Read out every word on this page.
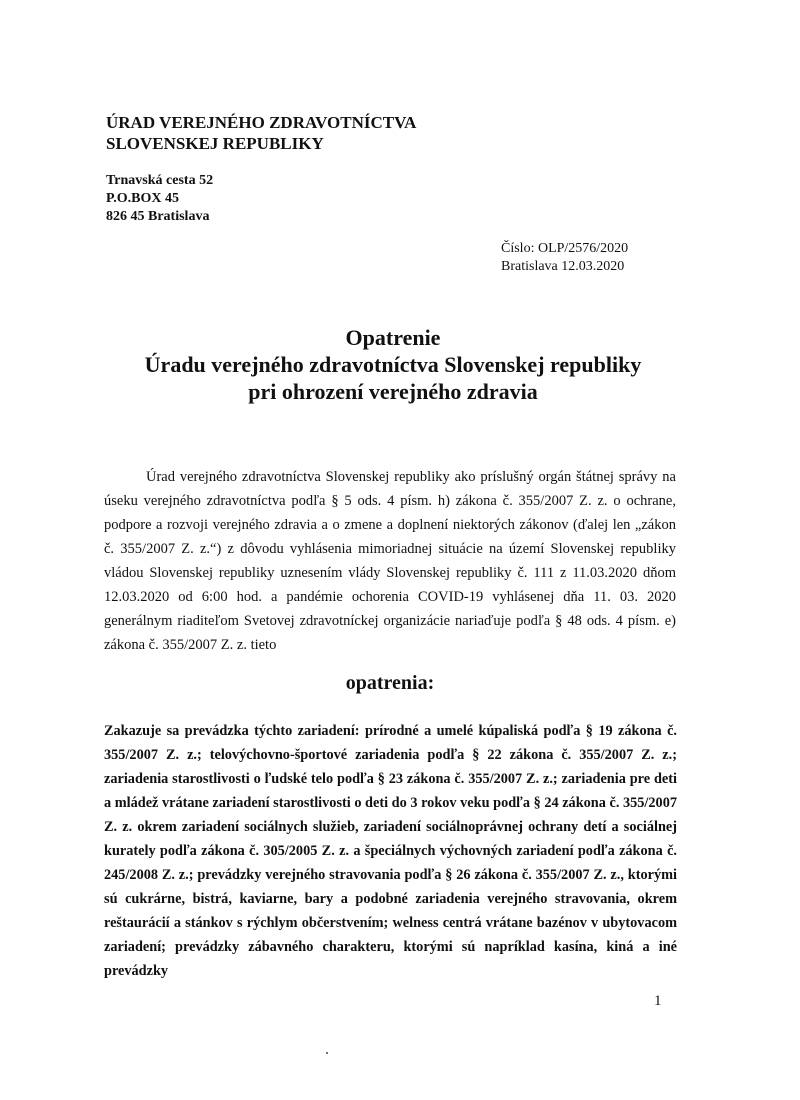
ÚRAD VEREJNÉHO ZDRAVOTNÍCTVA
SLOVENSKEJ REPUBLIKY
Trnavská cesta 52
P.O.BOX 45
826 45 Bratislava
Číslo: OLP/2576/2020
Bratislava 12.03.2020
Opatrenie
Úradu verejného zdravotníctva Slovenskej republiky
pri ohrození verejného zdravia

Úrad verejného zdravotníctva Slovenskej republiky ako príslušný orgán štátnej správy na úseku verejného zdravotníctva podľa § 5 ods. 4 písm. h) zákona č. 355/2007 Z. z. o ochrane, podpore a rozvoji verejného zdravia a o zmene a doplnení niektorých zákonov (ďalej len „zákon č. 355/2007 Z. z.“) z dôvodu vyhlásenia mimoriadnej situácie na území Slovenskej republiky vládou Slovenskej republiky uznesením vlády Slovenskej republiky č. 111 z 11.03.2020 dňom 12.03.2020 od 6:00 hod. a pandémie ochorenia COVID-19 vyhlásenej dňa 11. 03. 2020 generálnym riaditeľom Svetovej zdravotníckej organizácie nariaďuje podľa § 48 ods. 4 písm. e) zákona č. 355/2007 Z. z. tieto

opatrenia:

Zakazuje sa prevádzka týchto zariadení: prírodné a umelé kúpaliská podľa § 19 zákona č. 355/2007 Z. z.; telovýchovno-športové zariadenia podľa § 22 zákona č. 355/2007 Z. z.; zariadenia starostlivosti o ľudské telo podľa § 23 zákona č. 355/2007 Z. z.; zariadenia pre deti a mládež vrátane zariadení starostlivosti o deti do 3 rokov veku podľa § 24 zákona č. 355/2007 Z. z. okrem zariadení sociálnych služieb, zariadení sociálnoprávnej ochrany detí a sociálnej kurately podľa zákona č. 305/2005 Z. z. a špeciálnych výchovných zariadení podľa zákona č. 245/2008 Z. z.; prevádzky verejného stravovania podľa § 26 zákona č. 355/2007 Z. z., ktorými sú cukrárne, bistrá, kaviarne, bary a podobné zariadenia verejného stravovania, okrem reštaurácií a stánkov s rýchlym občerstvením; welness centrá vrátane bazénov v ubytovacom zariadení; prevádzky zábavného charakteru, ktorými sú napríklad kasína, kiná a iné prevádzky

1
